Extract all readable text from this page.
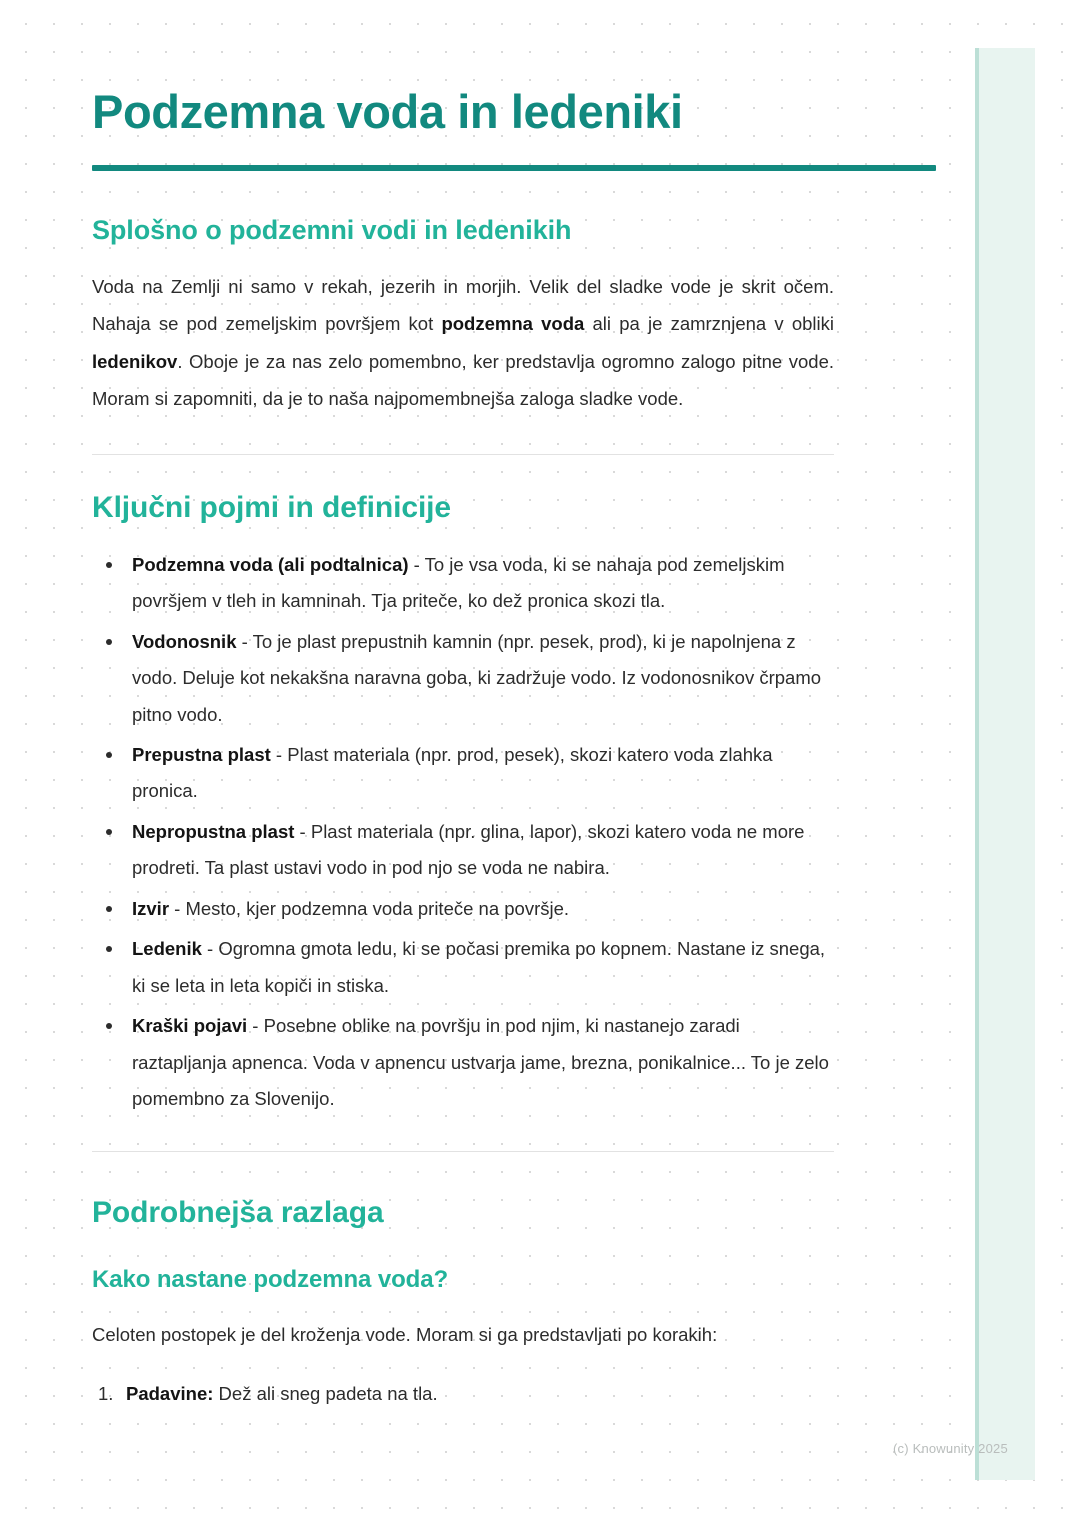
Podzemna voda in ledeniki
Splošno o podzemni vodi in ledenikih

Voda na Zemlji ni samo v rekah, jezerih in morjih. Velik del sladke vode je skrit očem. Nahaja se pod zemeljskim površjem kot podzemna voda ali pa je zamrznjena v obliki ledenikov. Oboje je za nas zelo pomembno, ker predstavlja ogromno zalogo pitne vode. Moram si zapomniti, da je to naša najpomembnejša zaloga sladke vode.

Ključni pojmi in definicije
Podzemna voda (ali podtalnica) - To je vsa voda, ki se nahaja pod zemeljskim površjem v tleh in kamninah. Tja priteče, ko dež pronica skozi tla.
Vodonosnik - To je plast prepustnih kamnin (npr. pesek, prod), ki je napolnjena z vodo. Deluje kot nekakšna naravna goba, ki zadržuje vodo. Iz vodonosnikov črpamo pitno vodo.
Prepustna plast - Plast materiala (npr. prod, pesek), skozi katero voda zlahka pronica.
Nepropustna plast - Plast materiala (npr. glina, lapor), skozi katero voda ne more prodreti. Ta plast ustavi vodo in pod njo se voda ne nabira.
Izvir - Mesto, kjer podzemna voda priteče na površje.
Ledenik - Ogromna gmota ledu, ki se počasi premika po kopnem. Nastane iz snega, ki se leta in leta kopiči in stiska.
Kraški pojavi - Posebne oblike na površju in pod njim, ki nastanejo zaradi raztapljanja apnenca. Voda v apnencu ustvarja jame, brezna, ponikalnice... To je zelo pomembno za Slovenijo.
Podrobnejša razlaga
Kako nastane podzemna voda?

Celoten postopek je del kroženja vode. Moram si ga predstavljati po korakih:

Padavine: Dež ali sneg padeta na tla.
(c) Knowunity 2025
